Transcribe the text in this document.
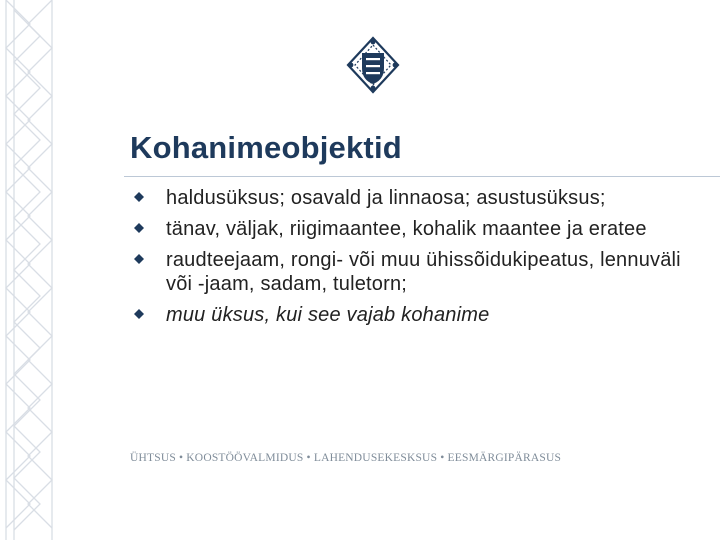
Kohanimeobjektid
haldusüksus; osavald ja linnaosa; asustusüksus;
tänav, väljak, riigimaantee, kohalik maantee ja eratee
raudteejaam, rongi- või muu ühissõidukipeatus, lennuväli või -jaam, sadam, tuletorn;
muu üksus, kui see vajab kohanime
ÜHTSUS • KOOSTÖÖVALMIDUS • LAHENDUSEKESKSUS • EESMÄRGIPÄRASUS
